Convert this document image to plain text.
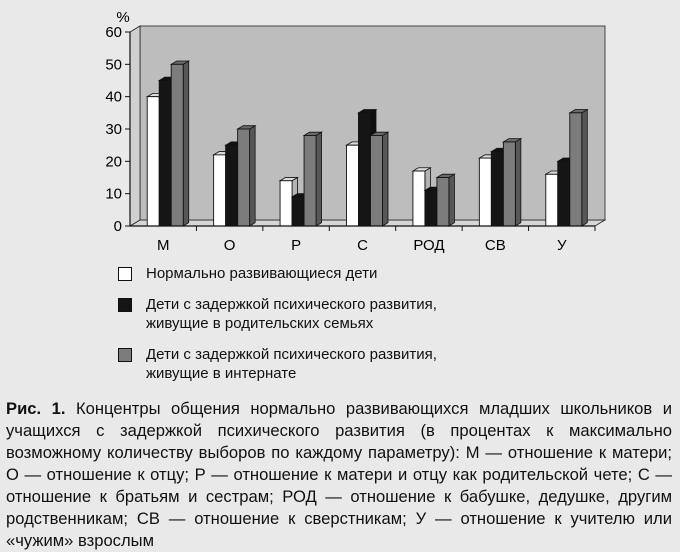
%
0
10
20
30
40
50
60
М	О	Р	С	РОД	СВ	У
Нормально развивающиеся дети
Дети с задержкой психического развития,
живущие в родительских семьях
Дети с задержкой психического развития,
живущие в интернате
Рис. 1. Концентры общения нормально развивающихся младших школьников и учащихся с задержкой психического развития (в процентах к максимально возможному количеству выборов по каждому параметру): М — отношение к матери; О — отношение к отцу; Р — отношение к матери и отцу как родительской чете; С — отношение к братьям и сестрам; РОД — отношение к бабушке, дедушке, другим родственникам; СВ — отношение к сверстникам; У — отношение к учителю или «чужим» взрослым
